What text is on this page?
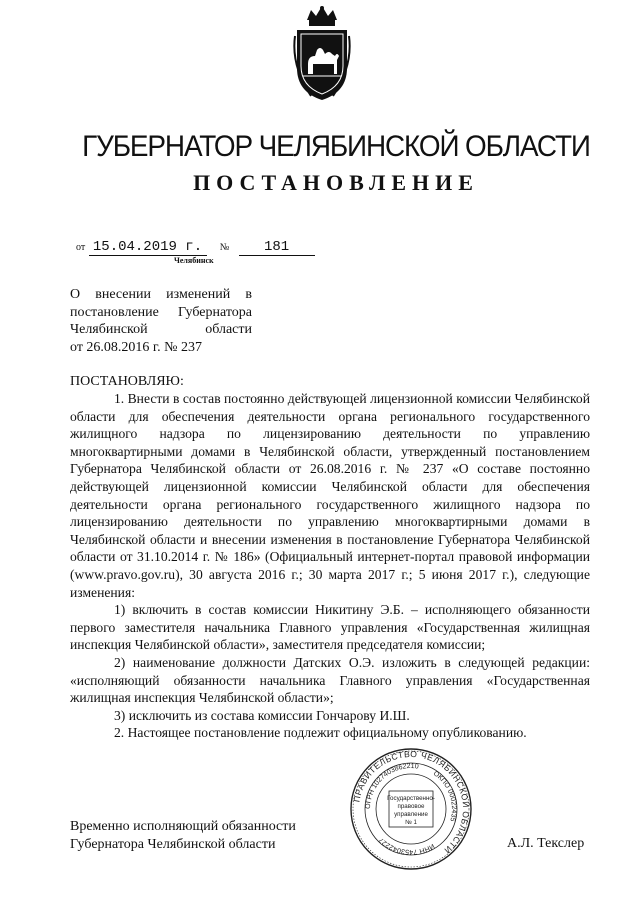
ГУБЕРНАТОР ЧЕЛЯБИНСКОЙ ОБЛАСТИ
ПОСТАНОВЛЕНИЕ
от 15.04.2019 г. № 181
Челябинск
О внесении изменений в
постановление Губернатора
Челябинской области
от 26.08.2016 г. № 237
ПОСТАНОВЛЯЮ:

1. Внести в состав постоянно действующей лицензионной комиссии Челябинской области для обеспечения деятельности органа регионального государственного жилищного надзора по лицензированию деятельности по управлению многоквартирными домами в Челябинской области, утвержденный постановлением Губернатора Челябинской области от 26.08.2016 г. № 237 «О составе постоянно действующей лицензионной комиссии Челябинской области для обеспечения деятельности органа регионального государственного жилищного надзора по лицензированию деятельности по управлению многоквартирными домами в Челябинской области и внесении изменения в постановление Губернатора Челябинской области от 31.10.2014 г. № 186» (Официальный интернет-портал правовой информации (www.pravo.gov.ru), 30 августа 2016 г.; 30 марта 2017 г.; 5 июня 2017 г.), следующие изменения:

1) включить в состав комиссии Никитину Э.Б. – исполняющего обязанности первого заместителя начальника Главного управления «Государственная жилищная инспекция Челябинской области», заместителя председателя комиссии;

2) наименование должности Датских О.Э. изложить в следующей редакции: «исполняющий обязанности начальника Главного управления «Государственная жилищная инспекция Челябинской области»;

3) исключить из состава комиссии Гончарову И.Ш.

2. Настоящее постановление подлежит официальному опубликованию.

ПРАВИТЕЛЬСТВО ЧЕЛЯБИНСКОЙ ОБЛАСТИ
ОГРН 1027403862210
ОКПО 00022435
ИНН 7453042227
Государственно-
правовое
управление
№ 1
Временно исполняющий обязанности
Губернатора Челябинской области	А.Л. Текслер
